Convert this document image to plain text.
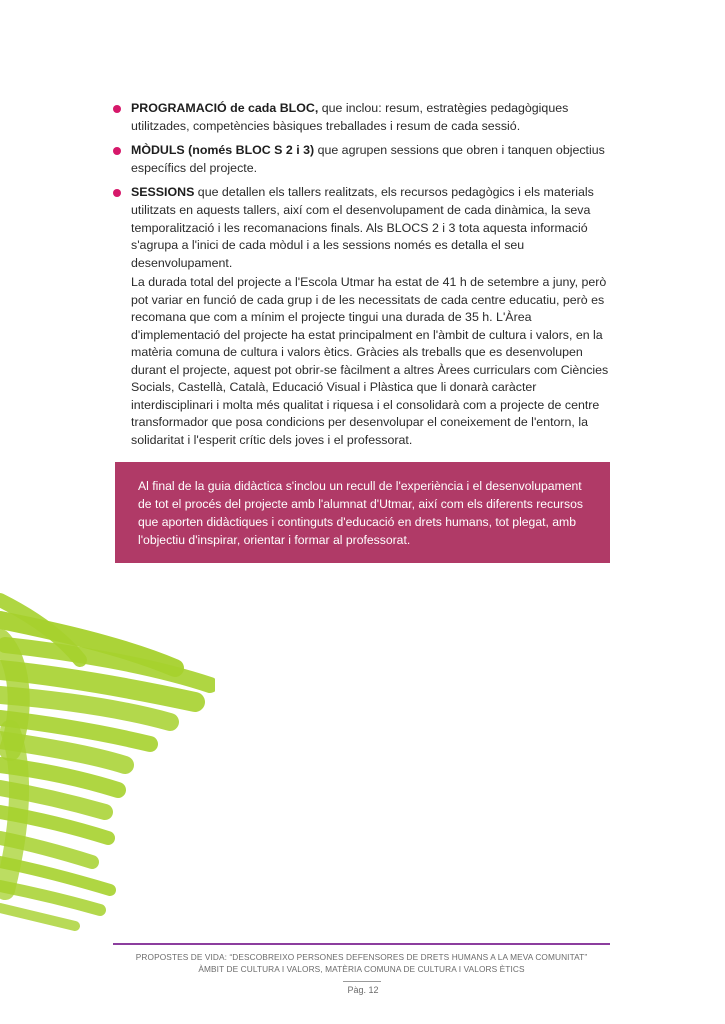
PROGRAMACIÓ de cada BLOC, que inclou: resum, estratègies pedagògiques utilitzades, competències bàsiques treballades i resum de cada sessió.
MÒDULS (només BLOC S 2 i 3) que agrupen sessions que obren i tanquen objectius específics del projecte.
SESSIONS que detallen els tallers realitzats, els recursos pedagògics i els materials utilitzats en aquests tallers, així com el desenvolupament de cada dinàmica, la seva temporalització i les recomanacions finals. Als BLOCS 2 i 3 tota aquesta informació s'agrupa a l'inici de cada mòdul i a les sessions només es detalla el seu desenvolupament.

La durada total del projecte a l'Escola Utmar ha estat de 41 h de setembre a juny, però pot variar en funció de cada grup i de les necessitats de cada centre educatiu, però es recomana que com a mínim el projecte tingui una durada de 35 h. L'Àrea d'implementació del projecte ha estat principalment en l'àmbit de cultura i valors, en la matèria comuna de cultura i valors ètics. Gràcies als treballs que es desenvolupen durant el projecte, aquest pot obrir-se fàcilment a altres Àrees curriculars com Ciències Socials, Castellà, Català, Educació Visual i Plàstica que li donarà caràcter interdisciplinari i molta més qualitat i riquesa i el consolidarà com a projecte de centre transformador que posa condicions per desenvolupar el coneixement de l'entorn, la solidaritat i l'esperit crític dels joves i el professorat.

Al final de la guia didàctica s'inclou un recull de l'experiència i el desenvolupament de tot el procés del projecte amb l'alumnat d'Utmar, així com els diferents recursos que aporten didàctiques i continguts d'educació en drets humans, tot plegat, amb l'objectiu d'inspirar, orientar i formar al professorat.

PROPOSTES DE VIDA: “DESCOBREIXO PERSONES DEFENSORES DE DRETS HUMANS A LA MEVA COMUNITAT”

ÀMBIT DE CULTURA I VALORS, MATÈRIA COMUNA DE CULTURA I VALORS ÈTICS

Pàg. 12
